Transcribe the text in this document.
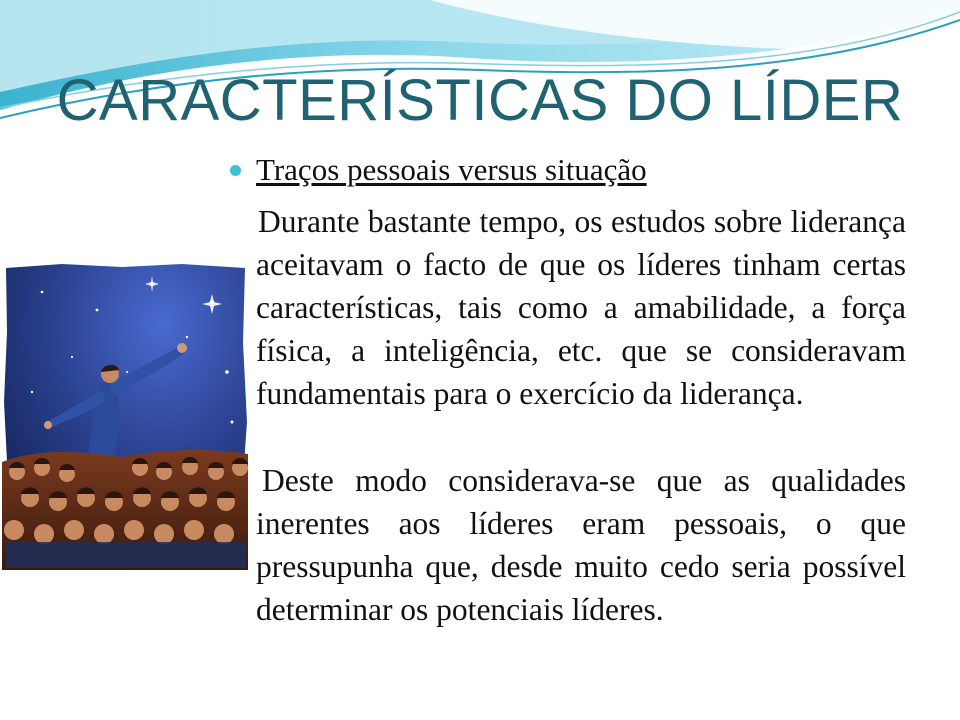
CARACTERÍSTICAS DO LÍDER
Traços pessoais versus situação

Durante bastante tempo, os estudos sobre liderança aceitavam o facto de que os líderes tinham certas características, tais como a amabilidade, a força física, a inteligência, etc. que se consideravam fundamentais para o exercício da liderança.

Deste modo considerava-se que as qualidades inerentes aos líderes eram pessoais, o que pressupunha que, desde muito cedo seria possível determinar os potenciais líderes.
